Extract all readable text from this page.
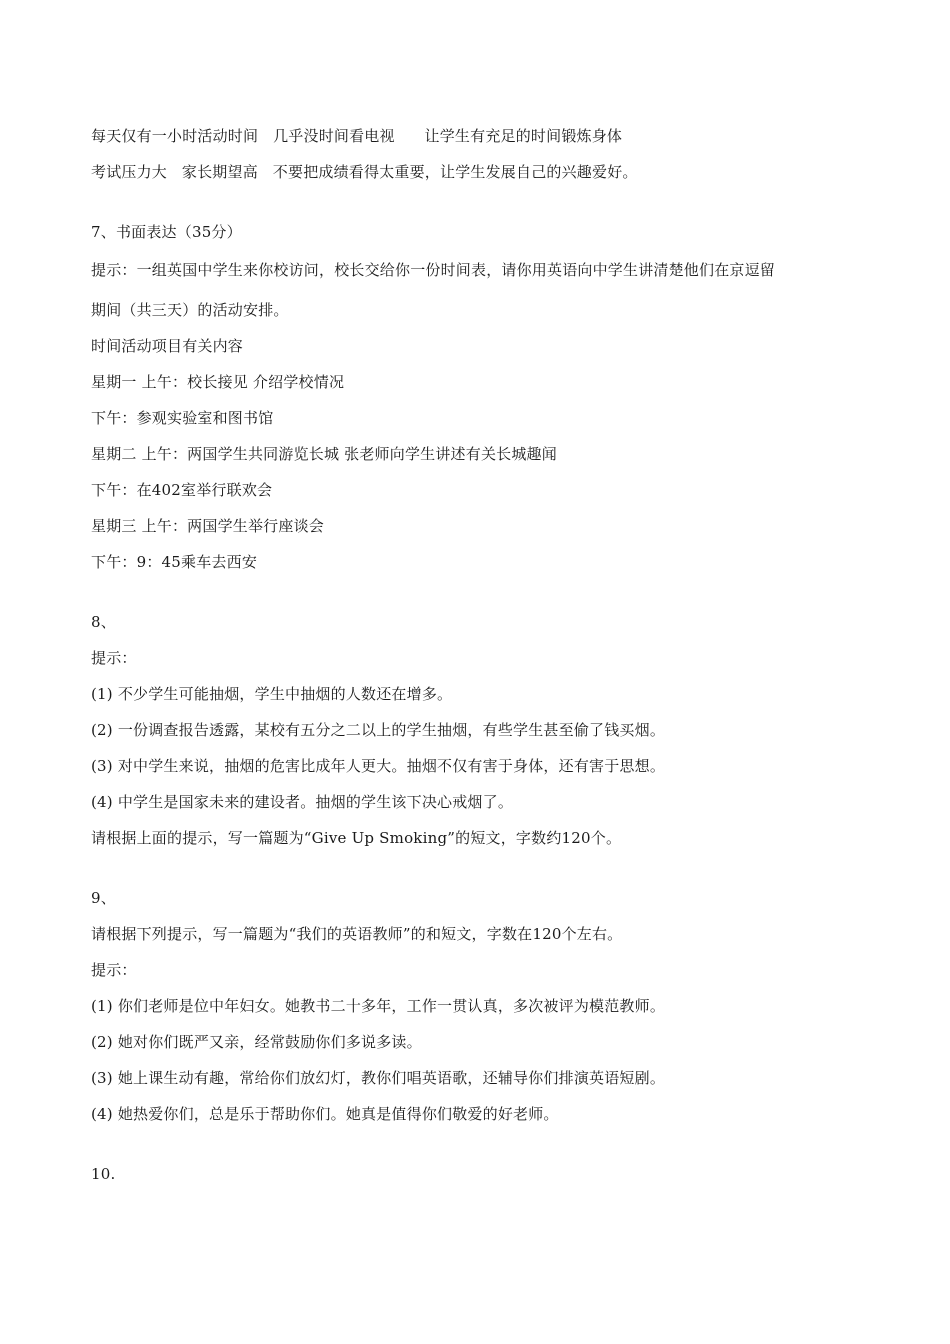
每天仅有一小时活动时间   几乎没时间看电视      让学生有充足的时间锻炼身体
考试压力大   家长期望高   不要把成绩看得太重要，让学生发展自己的兴趣爱好。
7、书面表达（35分）
提示：一组英国中学生来你校访问，校长交给你一份时间表，请你用英语向中学生讲清楚他们在京逗留
期间（共三天）的活动安排。
时间活动项目有关内容
星期一 上午：校长接见 介绍学校情况
下午：参观实验室和图书馆
星期二 上午：两国学生共同游览长城 张老师向学生讲述有关长城趣闻
下午：在402室举行联欢会
星期三 上午：两国学生举行座谈会
下午：9：45乘车去西安
8、
提示：
(1) 不少学生可能抽烟，学生中抽烟的人数还在增多。
(2) 一份调查报告透露，某校有五分之二以上的学生抽烟，有些学生甚至偷了钱买烟。
(3) 对中学生来说，抽烟的危害比成年人更大。抽烟不仅有害于身体，还有害于思想。
(4) 中学生是国家未来的建设者。抽烟的学生该下决心戒烟了。
请根据上面的提示，写一篇题为“Give Up Smoking”的短文，字数约120个。
9、
请根据下列提示，写一篇题为“我们的英语教师”的和短文，字数在120个左右。
提示：
(1) 你们老师是位中年妇女。她教书二十多年，工作一贯认真，多次被评为模范教师。
(2) 她对你们既严又亲，经常鼓励你们多说多读。
(3) 她上课生动有趣，常给你们放幻灯，教你们唱英语歌，还辅导你们排演英语短剧。
(4) 她热爱你们，总是乐于帮助你们。她真是值得你们敬爱的好老师。
10.
